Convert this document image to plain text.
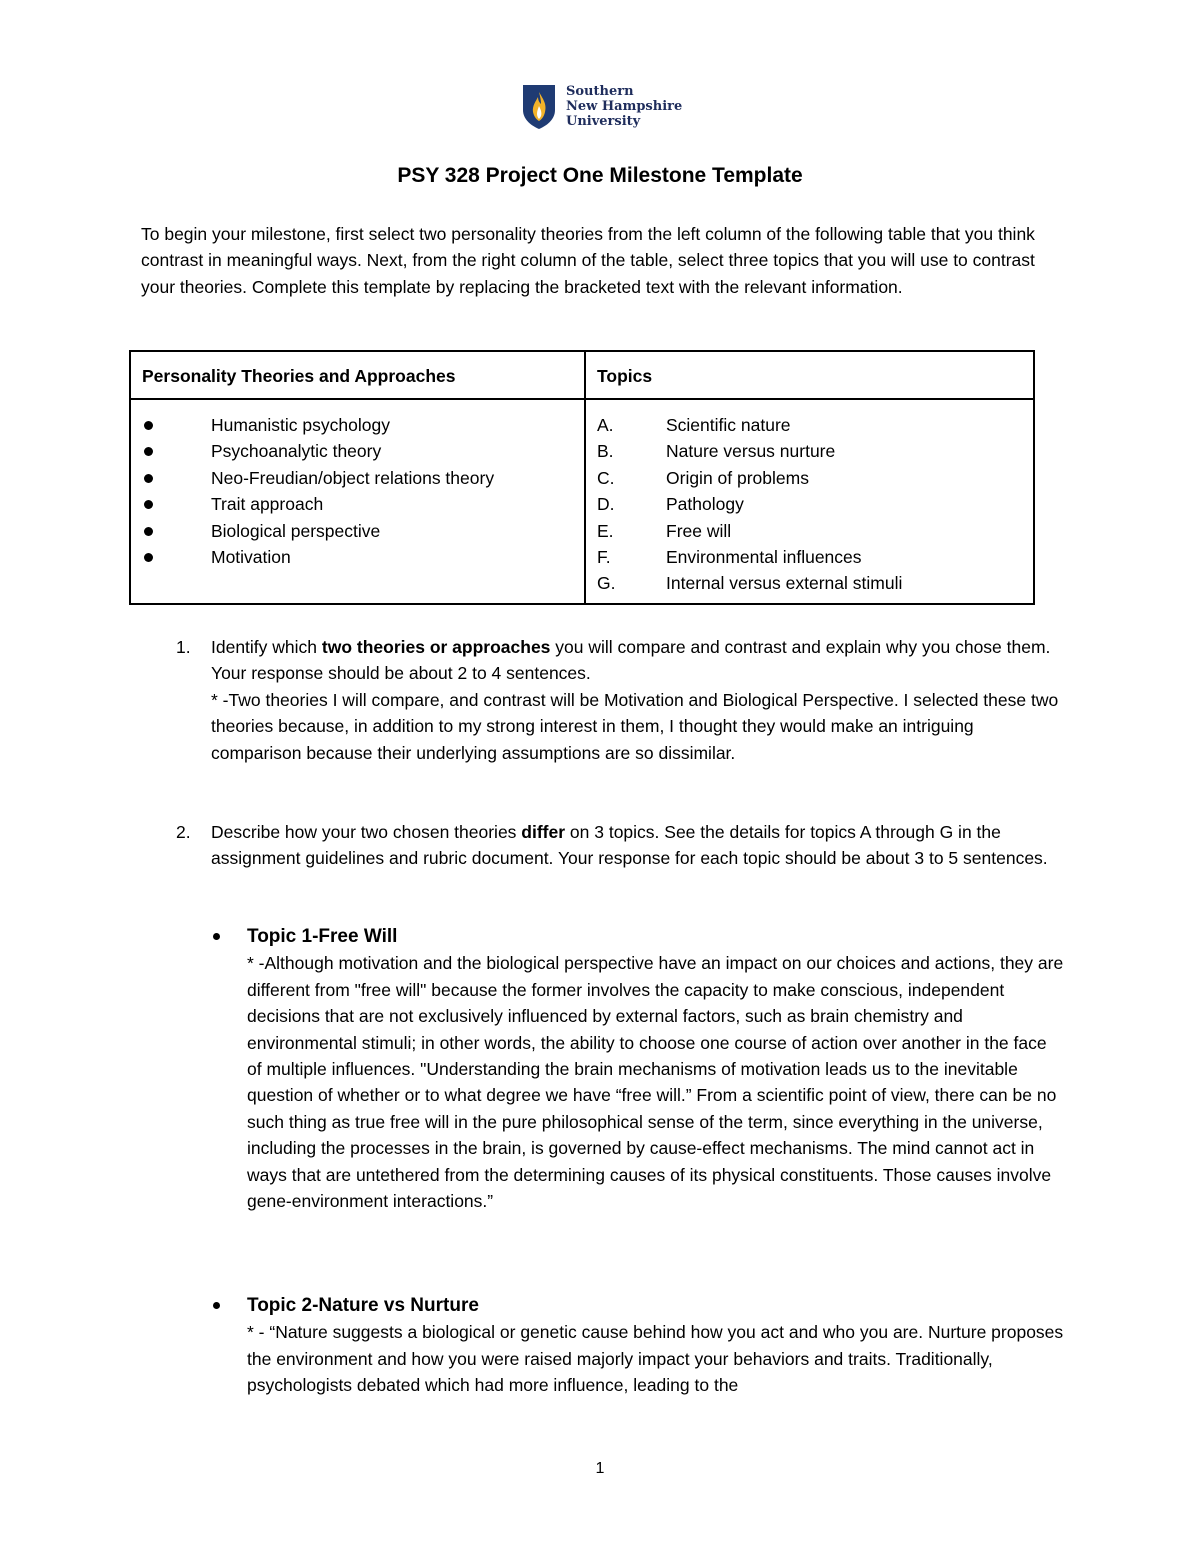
Southern
New Hampshire
University
PSY 328 Project One Milestone Template
To begin your milestone, first select two personality theories from the left column of the following table that you think contrast in meaningful ways. Next, from the right column of the table, select three topics that you will use to contrast your theories. Complete this template by replacing the bracketed text with the relevant information.
Personality Theories and Approaches
Humanistic psychology
Psychoanalytic theory
Neo-Freudian/object relations theory
Trait approach
Biological perspective
Motivation
Topics
A.	Scientific nature
B.	Nature versus nurture
C.	Origin of problems
D.	Pathology
E.	Free will
F.	Environmental influences
G.	Internal versus external stimuli
1. Identify which two theories or approaches you will compare and contrast and explain why you chose them. Your response should be about 2 to 4 sentences.
* -Two theories I will compare, and contrast will be Motivation and Biological Perspective. I selected these two theories because, in addition to my strong interest in them, I thought they would make an intriguing comparison because their underlying assumptions are so dissimilar.
2. Describe how your two chosen theories differ on 3 topics. See the details for topics A through G in the assignment guidelines and rubric document. Your response for each topic should be about 3 to 5 sentences.
Topic 1-Free Will
* -Although motivation and the biological perspective have an impact on our choices and actions, they are different from "free will" because the former involves the capacity to make conscious, independent decisions that are not exclusively influenced by external factors, such as brain chemistry and environmental stimuli; in other words, the ability to choose one course of action over another in the face of multiple influences. "Understanding the brain mechanisms of motivation leads us to the inevitable question of whether or to what degree we have “free will.” From a scientific point of view, there can be no such thing as true free will in the pure philosophical sense of the term, since everything in the universe, including the processes in the brain, is governed by cause-effect mechanisms. The mind cannot act in ways that are untethered from the determining causes of its physical constituents. Those causes involve gene-environment interactions.”
Topic 2-Nature vs Nurture
* - “Nature suggests a biological or genetic cause behind how you act and who you are. Nurture proposes the environment and how you were raised majorly impact your behaviors and traits. Traditionally, psychologists debated which had more influence, leading to the
1
